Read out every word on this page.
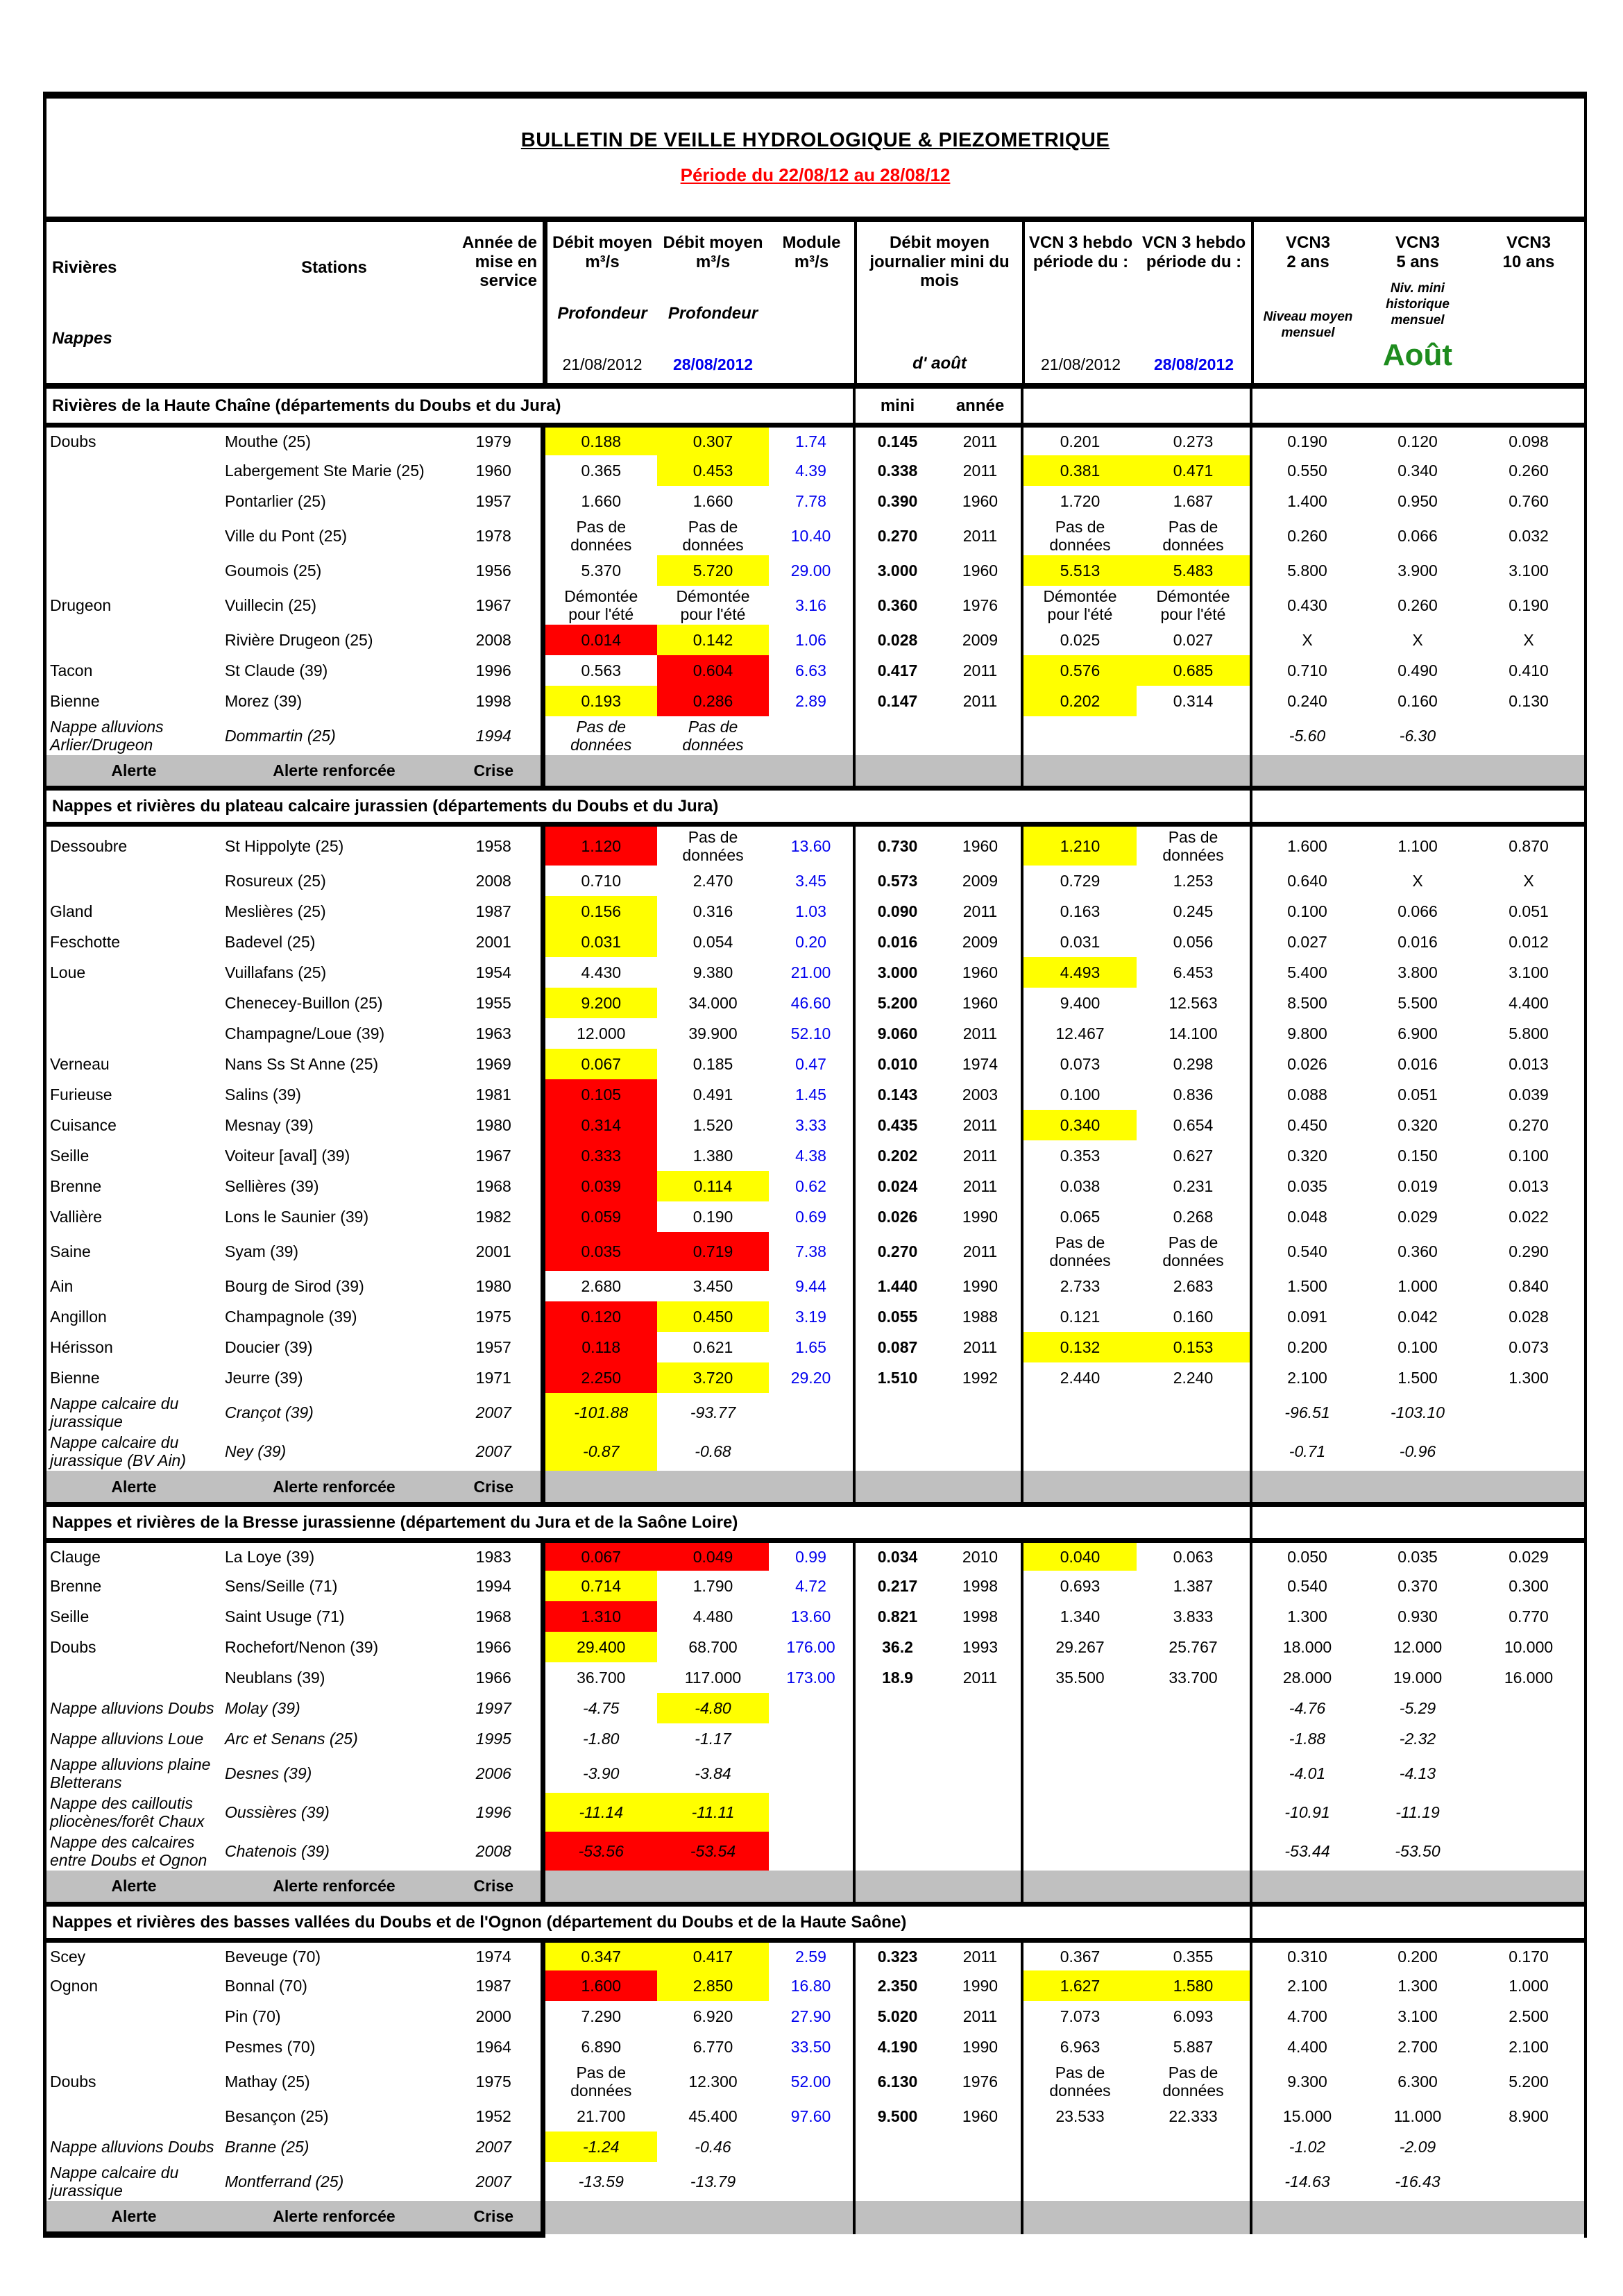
BULLETIN DE VEILLE HYDROLOGIQUE & PIEZOMETRIQUE
Période du 22/08/12 au 28/08/12
Rivières
Nappes
Stations
Année de mise en service
Débit moyen
m³/s
Profondeur
21/08/2012
Débit moyen
m³/s
Profondeur
28/08/2012
Module
m³/s
Débit moyen journalier mini du mois
d' août
VCN 3 hebdo période du :
21/08/2012
VCN 3 hebdo période du :
28/08/2012
VCN3
2 ans
Niveau moyen mensuel
VCN3
5 ans
Niv. mini historique mensuel
Août
VCN3
10 ans
Rivières de la Haute Chaîne (départements du Doubs et du Jura)						mini	année					
Doubs	Mouthe (25)	1979	0.188	0.307	1.74	0.145	2011	0.201	0.273	0.190	0.120	0.098
	Labergement Ste Marie (25)	1960	0.365	0.453	4.39	0.338	2011	0.381	0.471	0.550	0.340	0.260
	Pontarlier (25)	1957	1.660	1.660	7.78	0.390	1960	1.720	1.687	1.400	0.950	0.760
	Ville du Pont (25)	1978	Pas de données	Pas de données	10.40	0.270	2011	Pas de données	Pas de données	0.260	0.066	0.032
	Goumois (25)	1956	5.370	5.720	29.00	3.000	1960	5.513	5.483	5.800	3.900	3.100
Drugeon	Vuillecin (25)	1967	Démontée pour l'été	Démontée pour l'été	3.16	0.360	1976	Démontée pour l'été	Démontée pour l'été	0.430	0.260	0.190
	Rivière Drugeon (25)	2008	0.014	0.142	1.06	0.028	2009	0.025	0.027	X	X	X
Tacon	St Claude (39)	1996	0.563	0.604	6.63	0.417	2011	0.576	0.685	0.710	0.490	0.410
Bienne	Morez (39)	1998	0.193	0.286	2.89	0.147	2011	0.202	0.314	0.240	0.160	0.130
Nappe alluvions Arlier/Drugeon	Dommartin (25)	1994	Pas de données	Pas de données						-5.60	-6.30	
Alerte	Alerte renforcée	Crise										
Nappes et rivières du plateau calcaire jurassien (départements du Doubs et du Jura)												
Dessoubre	St Hippolyte (25)	1958	1.120	Pas de données	13.60	0.730	1960	1.210	Pas de données	1.600	1.100	0.870
	Rosureux (25)	2008	0.710	2.470	3.45	0.573	2009	0.729	1.253	0.640	X	X
Gland	Meslières (25)	1987	0.156	0.316	1.03	0.090	2011	0.163	0.245	0.100	0.066	0.051
Feschotte	Badevel (25)	2001	0.031	0.054	0.20	0.016	2009	0.031	0.056	0.027	0.016	0.012
Loue	Vuillafans (25)	1954	4.430	9.380	21.00	3.000	1960	4.493	6.453	5.400	3.800	3.100
	Chenecey-Buillon (25)	1955	9.200	34.000	46.60	5.200	1960	9.400	12.563	8.500	5.500	4.400
	Champagne/Loue (39)	1963	12.000	39.900	52.10	9.060	2011	12.467	14.100	9.800	6.900	5.800
Verneau	Nans Ss St Anne (25)	1969	0.067	0.185	0.47	0.010	1974	0.073	0.298	0.026	0.016	0.013
Furieuse	Salins (39)	1981	0.105	0.491	1.45	0.143	2003	0.100	0.836	0.088	0.051	0.039
Cuisance	Mesnay (39)	1980	0.314	1.520	3.33	0.435	2011	0.340	0.654	0.450	0.320	0.270
Seille	Voiteur [aval] (39)	1967	0.333	1.380	4.38	0.202	2011	0.353	0.627	0.320	0.150	0.100
Brenne	Sellières (39)	1968	0.039	0.114	0.62	0.024	2011	0.038	0.231	0.035	0.019	0.013
Vallière	Lons le Saunier (39)	1982	0.059	0.190	0.69	0.026	1990	0.065	0.268	0.048	0.029	0.022
Saine	Syam (39)	2001	0.035	0.719	7.38	0.270	2011	Pas de données	Pas de données	0.540	0.360	0.290
Ain	Bourg de Sirod (39)	1980	2.680	3.450	9.44	1.440	1990	2.733	2.683	1.500	1.000	0.840
Angillon	Champagnole (39)	1975	0.120	0.450	3.19	0.055	1988	0.121	0.160	0.091	0.042	0.028
Hérisson	Doucier (39)	1957	0.118	0.621	1.65	0.087	2011	0.132	0.153	0.200	0.100	0.073
Bienne	Jeurre (39)	1971	2.250	3.720	29.20	1.510	1992	2.440	2.240	2.100	1.500	1.300
Nappe calcaire du jurassique	Crançot (39)	2007	-101.88	-93.77						-96.51	-103.10	
Nappe calcaire du jurassique (BV Ain)	Ney (39)	2007	-0.87	-0.68						-0.71	-0.96	
Alerte	Alerte renforcée	Crise										
Nappes et rivières de la Bresse jurassienne (département du Jura et de la Saône Loire)												
Clauge	La Loye (39)	1983	0.067	0.049	0.99	0.034	2010	0.040	0.063	0.050	0.035	0.029
Brenne	Sens/Seille (71)	1994	0.714	1.790	4.72	0.217	1998	0.693	1.387	0.540	0.370	0.300
Seille	Saint Usuge (71)	1968	1.310	4.480	13.60	0.821	1998	1.340	3.833	1.300	0.930	0.770
Doubs	Rochefort/Nenon (39)	1966	29.400	68.700	176.00	36.2	1993	29.267	25.767	18.000	12.000	10.000
	Neublans (39)	1966	36.700	117.000	173.00	18.9	2011	35.500	33.700	28.000	19.000	16.000
Nappe alluvions Doubs	Molay (39)	1997	-4.75	-4.80						-4.76	-5.29	
Nappe alluvions Loue	Arc et Senans (25)	1995	-1.80	-1.17						-1.88	-2.32	
Nappe alluvions plaine Bletterans	Desnes (39)	2006	-3.90	-3.84						-4.01	-4.13	
Nappe des cailloutis pliocènes/forêt Chaux	Oussières (39)	1996	-11.14	-11.11						-10.91	-11.19	
Nappe des calcaires entre Doubs et Ognon	Chatenois (39)	2008	-53.56	-53.54						-53.44	-53.50	
Alerte	Alerte renforcée	Crise										
Nappes et rivières des basses vallées du Doubs et de l'Ognon (département du Doubs et de la Haute Saône)												
Scey	Beveuge (70)	1974	0.347	0.417	2.59	0.323	2011	0.367	0.355	0.310	0.200	0.170
Ognon	Bonnal (70)	1987	1.600	2.850	16.80	2.350	1990	1.627	1.580	2.100	1.300	1.000
	Pin (70)	2000	7.290	6.920	27.90	5.020	2011	7.073	6.093	4.700	3.100	2.500
	Pesmes (70)	1964	6.890	6.770	33.50	4.190	1990	6.963	5.887	4.400	2.700	2.100
Doubs	Mathay (25)	1975	Pas de données	12.300	52.00	6.130	1976	Pas de données	Pas de données	9.300	6.300	5.200
	Besançon (25)	1952	21.700	45.400	97.60	9.500	1960	23.533	22.333	15.000	11.000	8.900
Nappe alluvions Doubs	Branne (25)	2007	-1.24	-0.46						-1.02	-2.09	
Nappe calcaire du jurassique	Montferrand (25)	2007	-13.59	-13.79						-14.63	-16.43	
Alerte	Alerte renforcée	Crise										
